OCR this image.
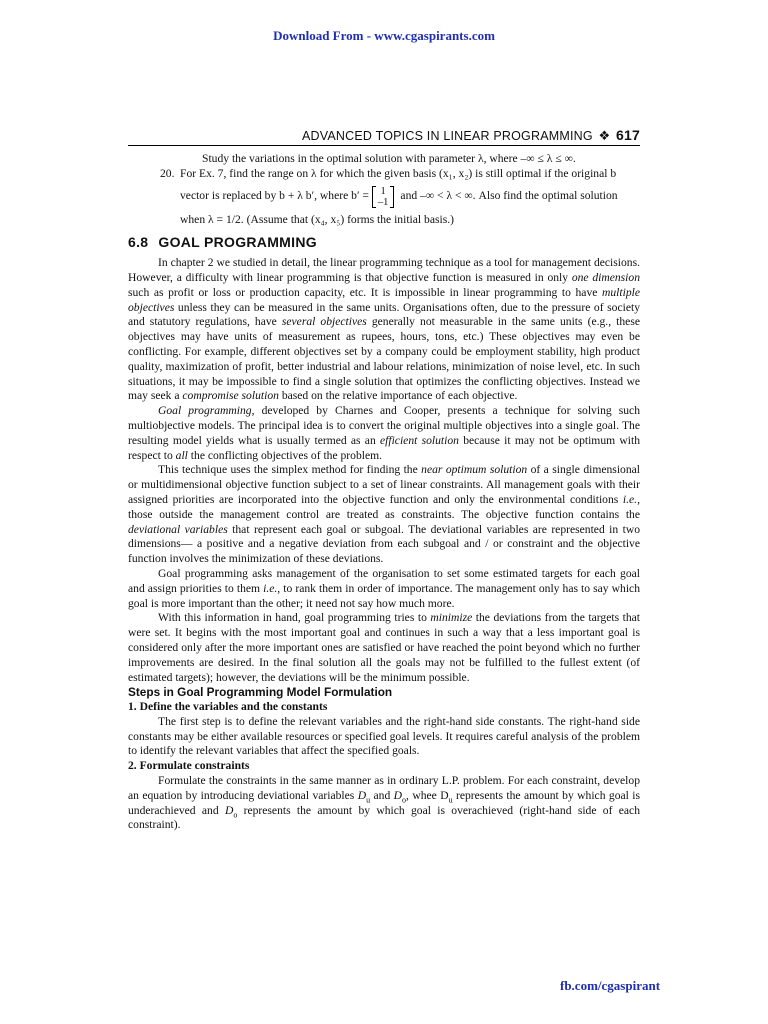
Download From - www.cgaspirants.com
ADVANCED TOPICS IN LINEAR PROGRAMMING ❖ 617

Study the variations in the optimal solution with parameter λ, where –∞ ≤ λ ≤ ∞.

20. For Ex. 7, find the range on λ for which the given basis (x₁, x₂) is still optimal if the original b

vector is replaced by b + λ b′, where b′ = 1
–1 and –∞ < λ < ∞. Also find the optimal solution

when λ = 1/2. (Assume that (x₄, x₅) forms the initial basis.)

6.8 GOAL PROGRAMMING

In chapter 2 we studied in detail, the linear programming technique as a tool for management decisions. However, a difficulty with linear programming is that objective function is measured in only one dimension such as profit or loss or production capacity, etc. It is impossible in linear programming to have multiple objectives unless they can be measured in the same units. Organisations often, due to the pressure of society and statutory regulations, have several objectives generally not measurable in the same units (e.g., these objectives may have units of measurement as rupees, hours, tons, etc.) These objectives may even be conflicting. For example, different objectives set by a company could be employment stability, high product quality, maximization of profit, better industrial and labour relations, minimization of noise level, etc. In such situations, it may be impossible to find a single solution that optimizes the conflicting objectives. Instead we may seek a compromise solution based on the relative importance of each objective.

Goal programming, developed by Charnes and Cooper, presents a technique for solving such multiobjective models. The principal idea is to convert the original multiple objectives into a single goal. The resulting model yields what is usually termed as an efficient solution because it may not be optimum with respect to all the conflicting objectives of the problem.

This technique uses the simplex method for finding the near optimum solution of a single dimensional or multidimensional objective function subject to a set of linear constraints. All management goals with their assigned priorities are incorporated into the objective function and only the environmental conditions i.e., those outside the management control are treated as constraints. The objective function contains the deviational variables that represent each goal or subgoal. The deviational variables are represented in two dimensions— a positive and a negative deviation from each subgoal and / or constraint and the objective function involves the minimization of these deviations.

Goal programming asks management of the organisation to set some estimated targets for each goal and assign priorities to them i.e., to rank them in order of importance. The management only has to say which goal is more important than the other; it need not say how much more.

With this information in hand, goal programming tries to minimize the deviations from the targets that were set. It begins with the most important goal and continues in such a way that a less important goal is considered only after the more important ones are satisfied or have reached the point beyond which no further improvements are desired. In the final solution all the goals may not be fulfilled to the fullest extent (of estimated targets); however, the deviations will be the minimum possible.

Steps in Goal Programming Model Formulation
1. Define the variables and the constants

The first step is to define the relevant variables and the right-hand side constants. The right-hand side constants may be either available resources or specified goal levels. It requires careful analysis of the problem to identify the relevant variables that affect the specified goals.

2. Formulate constraints

Formulate the constraints in the same manner as in ordinary L.P. problem. For each constraint, develop an equation by introducing deviational variables $D_u$ and $D_o$, whee $D_u$ represents the amount by which goal is underachieved and $D_o$ represents the amount by which goal is overachieved (right-hand side of each constraint).

fb.com/cgaspirant
